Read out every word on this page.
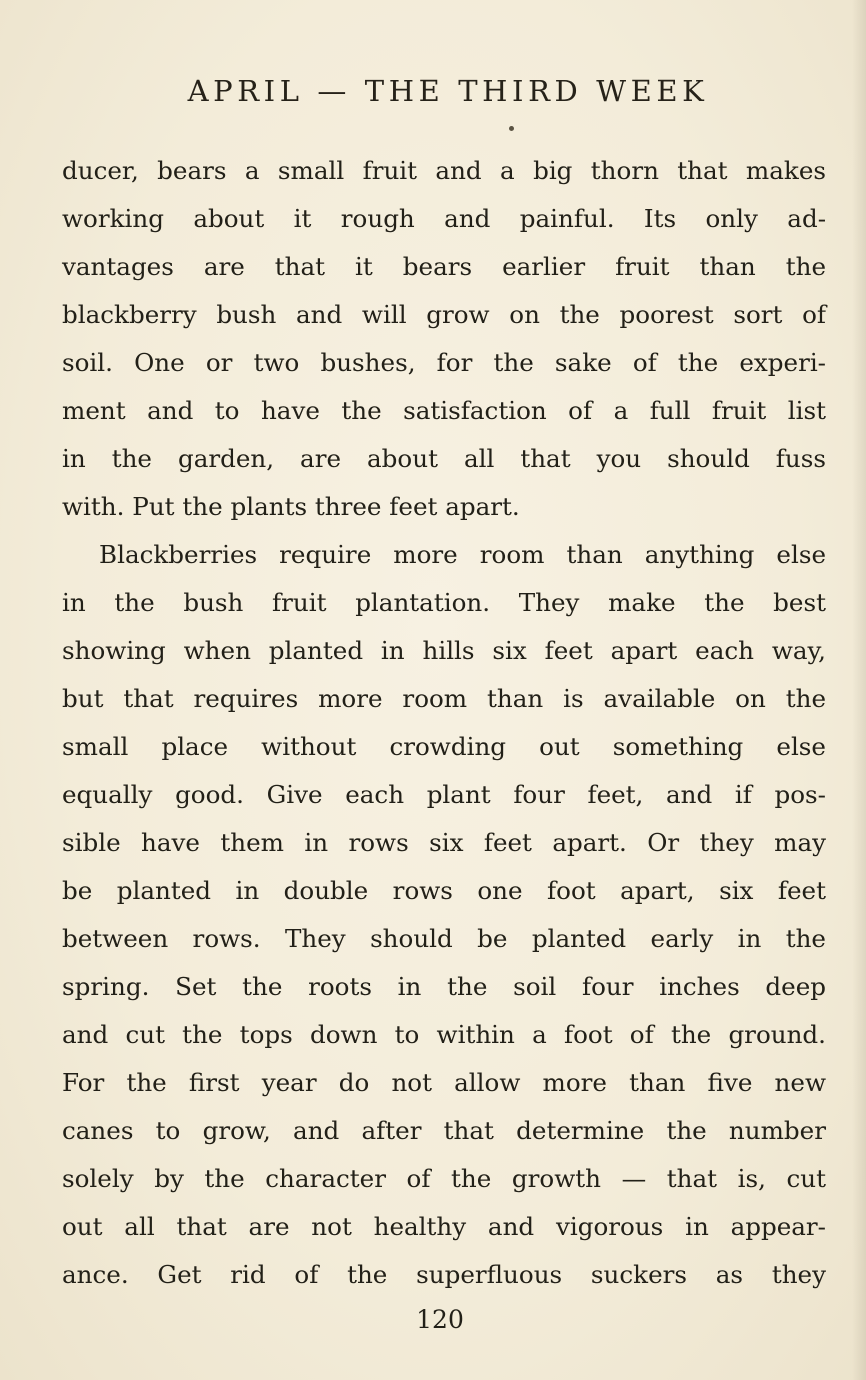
APRIL — THE THIRD WEEK
ducer, bears a small fruit and a big thorn that makes
working about it rough and painful. Its only ad-
vantages are that it bears earlier fruit than the
blackberry bush and will grow on the poorest sort of
soil. One or two bushes, for the sake of the experi-
ment and to have the satisfaction of a full fruit list
in the garden, are about all that you should fuss
with. Put the plants three feet apart.
Blackberries require more room than anything else
in the bush fruit plantation. They make the best
showing when planted in hills six feet apart each way,
but that requires more room than is available on the
small place without crowding out something else
equally good. Give each plant four feet, and if pos-
sible have them in rows six feet apart. Or they may
be planted in double rows one foot apart, six feet
between rows. They should be planted early in the
spring. Set the roots in the soil four inches deep
and cut the tops down to within a foot of the ground.
For the first year do not allow more than five new
canes to grow, and after that determine the number
solely by the character of the growth — that is, cut
out all that are not healthy and vigorous in appear-
ance. Get rid of the superfluous suckers as they
120
